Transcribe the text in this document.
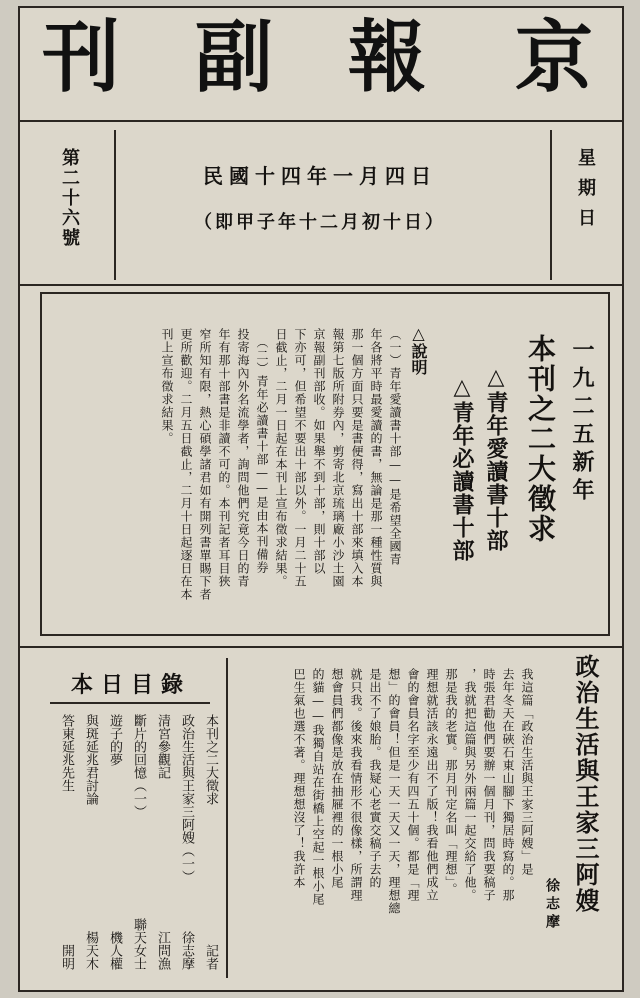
京
報
副
刊
第二十六號	民國十四年一月四日
（即甲子年十二月初十日）	星期日
一九二五新年
本刊之二大徵求
△青年愛讀書十部
△青年必讀書十部
△說明
（一）青年愛讀書十部——是希望全國青
年各將平時最愛讀的書，無論是那一種性質與
那一個方面只要是書便得，寫出十部來填入本
報第七版所附券內，剪寄北京琉璃廠小沙土園
京報副刊部收。如果舉不到十部，則十部以
下亦可，但希望不要出十部以外。一月二十五
日截止，二月一日起在本刊上宣布徵求結果。
（二）青年必讀書十部——是由本刊備券
投寄海內外名流學者，詢問他們究竟今日的青
年有那十部書是非讀不可的。本刊記者耳目狹
窄所知有限，熱心碩學諸君如有開列書單賜下者
更所歡迎。二月五日截止，二月十日起逐日在本
刊上宣布徵求結果。
政治生活與王家三阿嫂
徐志摩
我這篇「政治生活與王家三阿嫂」是
去年冬天在硤石東山腳下獨居時寫的。那
時張君勸他們要辦一個月刊，問我要稿子
，我就把這篇與另外兩篇一起交給了他。
那是我的老實。那月刊定名叫「理想」。
理想就活該永遠出不了版！我看他們成立
會的會員名字至少有四五十個。都是「理
想」的會員！但是一天一天又一天，理想總
是出不了娘胎。我疑心老實交稿子去的
就只我。後來我看情形不很像樣，所謂理
想會員們都像是放在抽屜裡的一根小尾
的貓——我獨自站在街橋上空起一根小尾
巴生氣也選不著。理想想沒了！我許本
本日目錄
本刊之二大徵求
記者
政治生活與王家三阿嫂（一）
徐志摩
清宮參觀記
江問漁
斷片的回憶（一）
聯天女士
遊子的夢
機人權
與斑延兆君討論
楊天木
答東延兆先生
開明
